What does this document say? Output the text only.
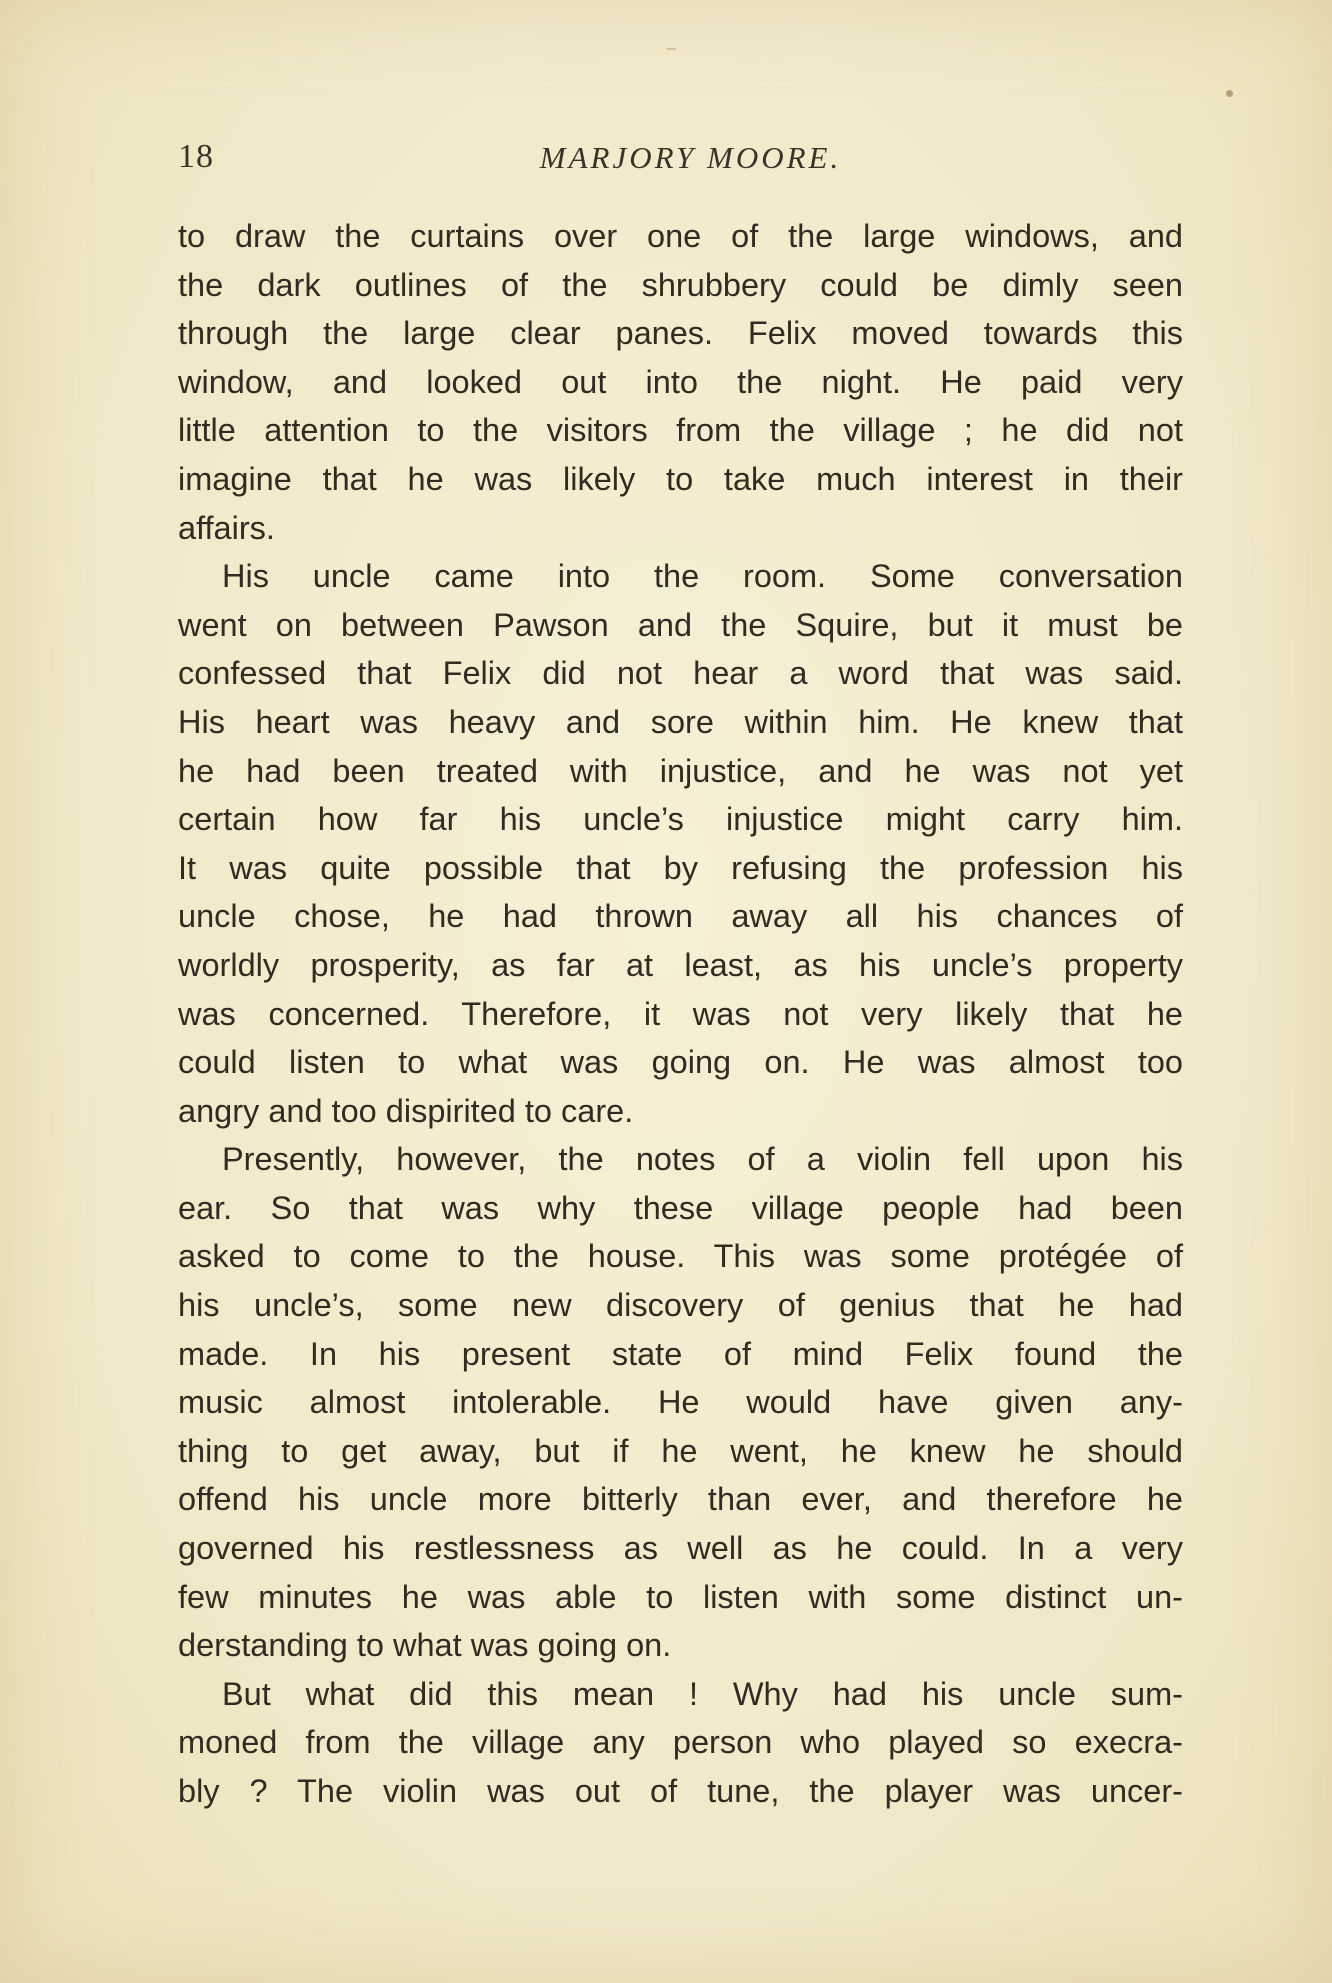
18	MARJORY MOORE.
to draw the curtains over one of the large windows, and
the dark outlines of the shrubbery could be dimly seen
through the large clear panes. Felix moved towards this
window, and looked out into the night. He paid very
little attention to the visitors from the village ; he did not
imagine that he was likely to take much interest in their
affairs.
His uncle came into the room. Some conversation
went on between Pawson and the Squire, but it must be
confessed that Felix did not hear a word that was said.
His heart was heavy and sore within him. He knew that
he had been treated with injustice, and he was not yet
certain how far his uncle’s injustice might carry him.
It was quite possible that by refusing the profession his
uncle chose, he had thrown away all his chances of
worldly prosperity, as far at least, as his uncle’s property
was concerned. Therefore, it was not very likely that he
could listen to what was going on. He was almost too
angry and too dispirited to care.
Presently, however, the notes of a violin fell upon his
ear. So that was why these village people had been
asked to come to the house. This was some protégée of
his uncle’s, some new discovery of genius that he had
made. In his present state of mind Felix found the
music almost intolerable. He would have given any-
thing to get away, but if he went, he knew he should
offend his uncle more bitterly than ever, and therefore he
governed his restlessness as well as he could. In a very
few minutes he was able to listen with some distinct un-
derstanding to what was going on.
But what did this mean ! Why had his uncle sum-
moned from the village any person who played so execra-
bly ? The violin was out of tune, the player was uncer-
